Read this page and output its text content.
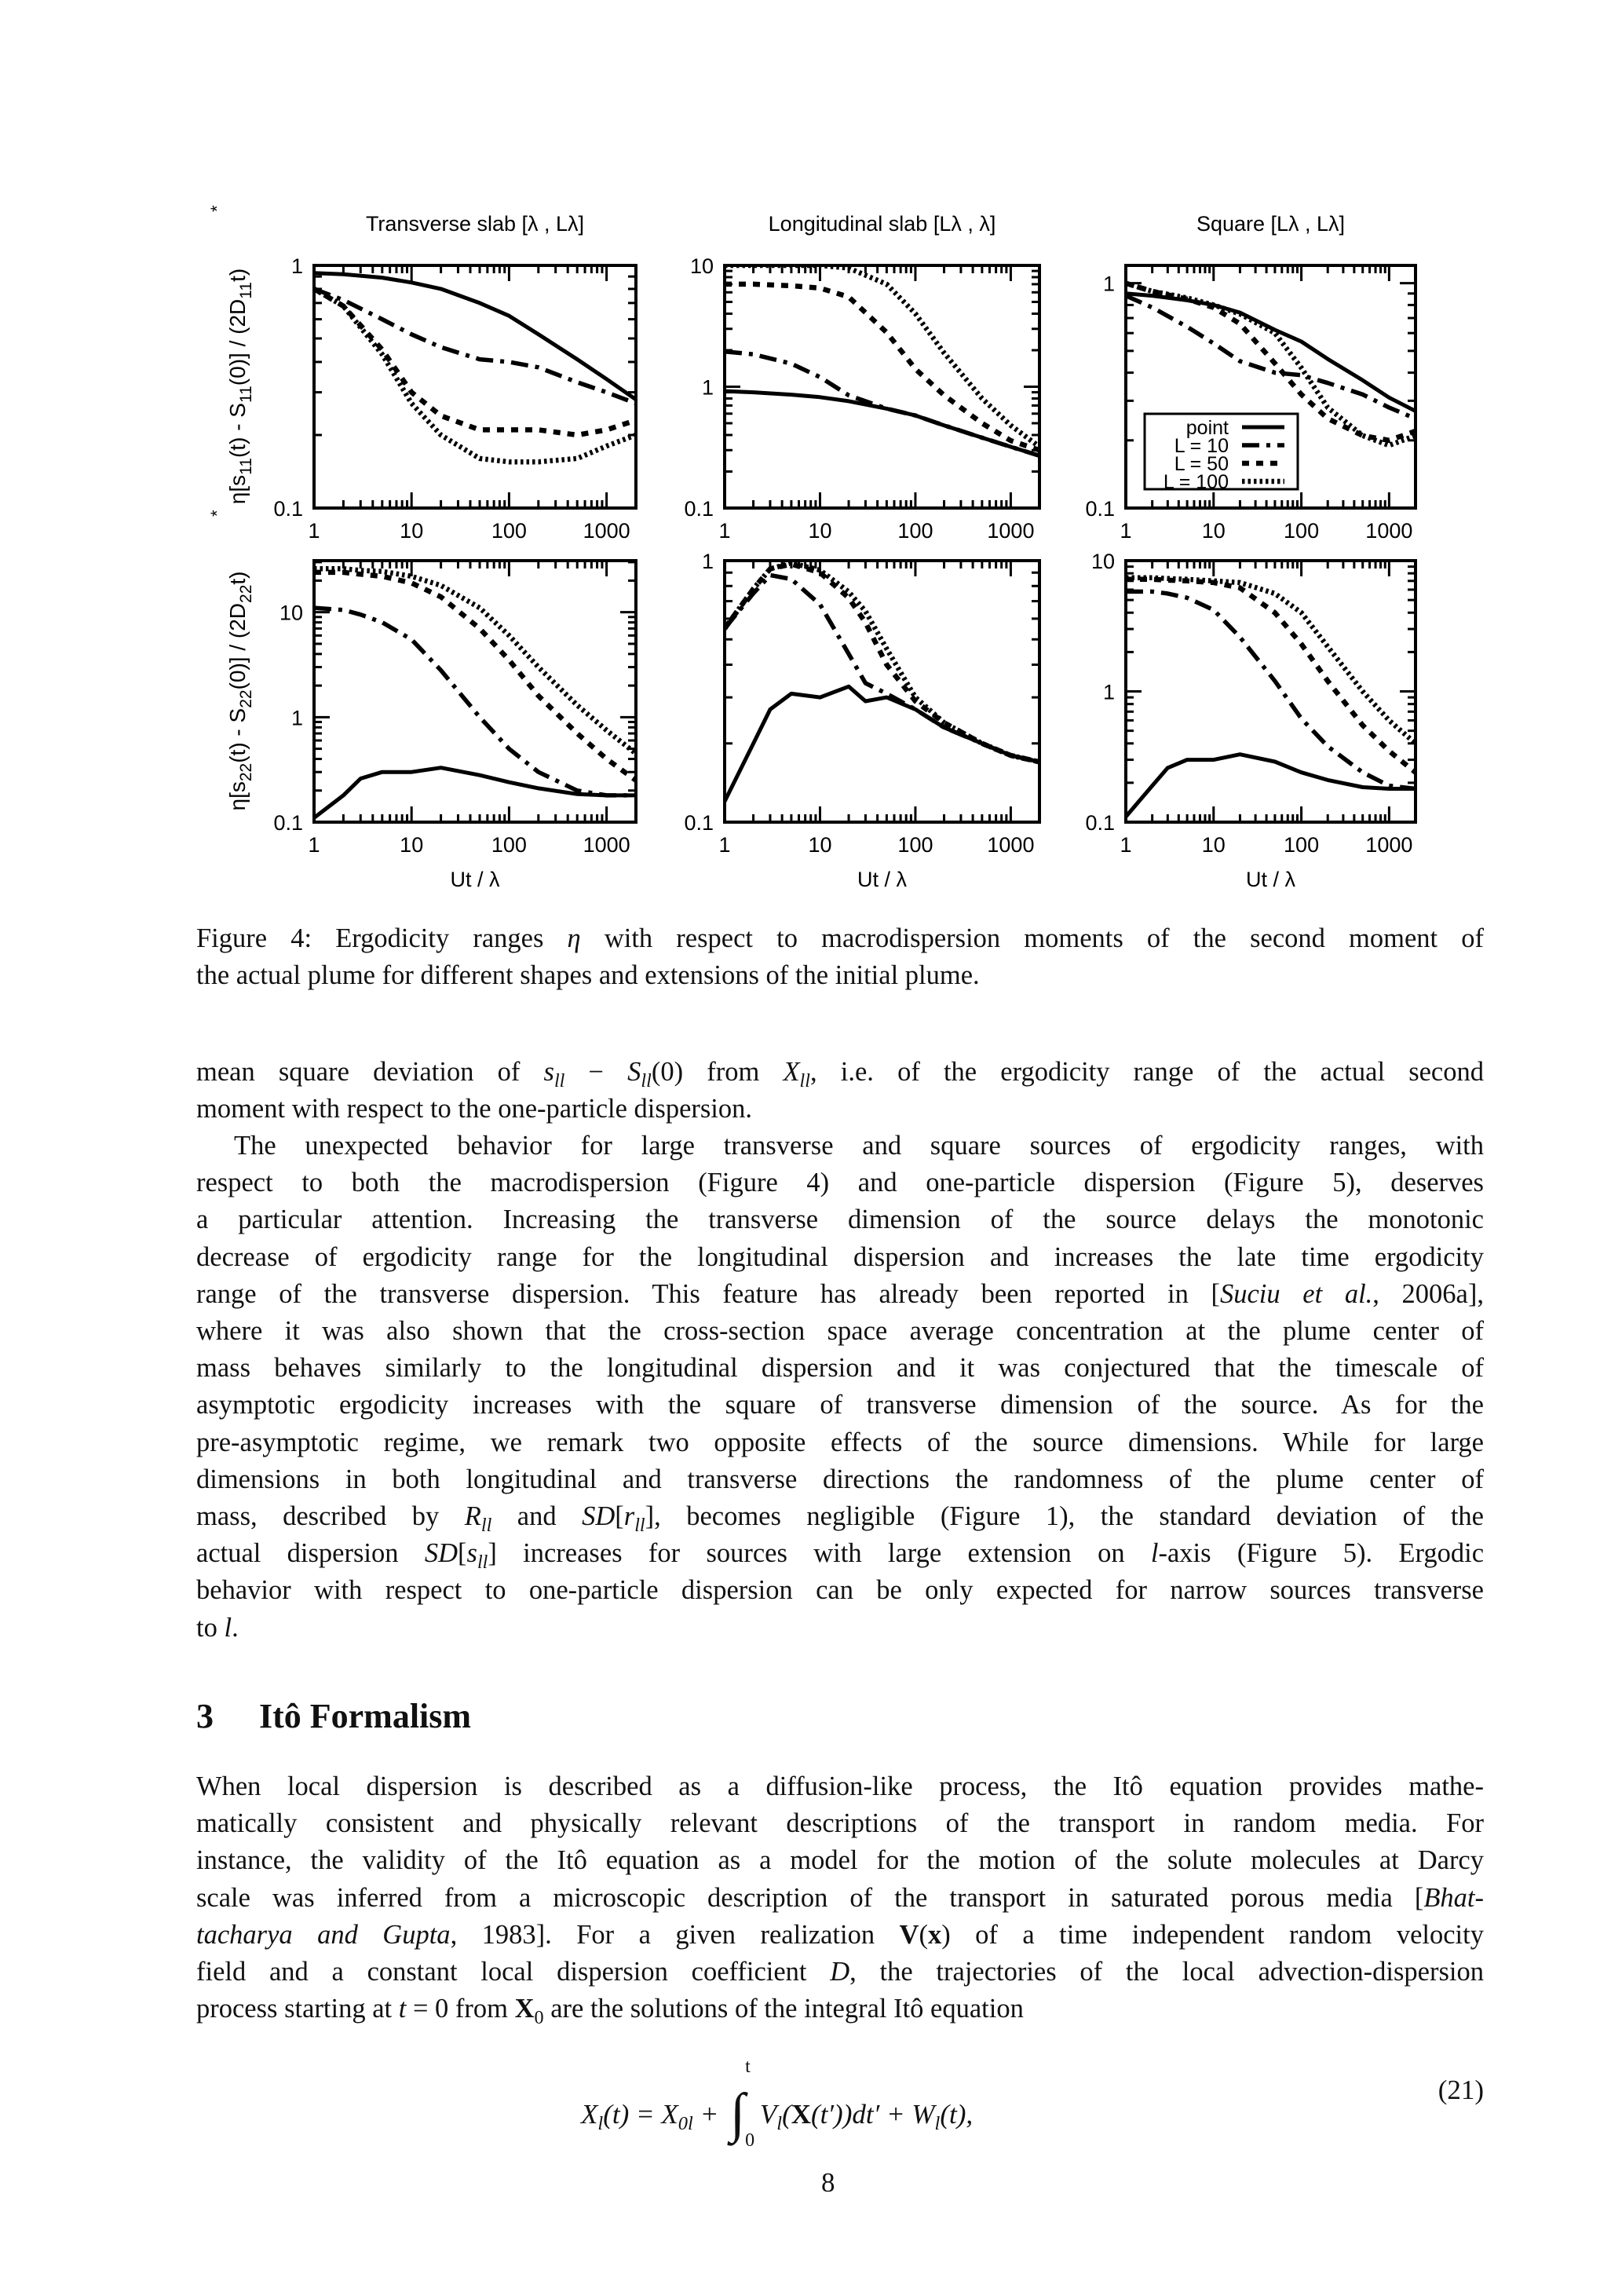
1	10	100	1000
0.1
1
Transverse slab [λ , Lλ]
1	10	100	1000
0.1
1
10
Longitudinal slab [Lλ , λ]
1	10	100 1000
0.1
1
Square [Lλ , Lλ]
1	10	100	1000
0.1
1
10
Ut / λ
1	10	100	1000
0.1
1
Ut / λ
1	10	100 1000
0.1
1
10
Ut / λ
$\eta[s_{11}(t) - S_{11}(0)] / (2D_{11}t)$
*
$\eta[s_{22}(t) - S_{22}(0)] / (2D_{22}t)$
*
point
L = 10
L = 50
L = 100
Figure 4: Ergodicity ranges η with respect to macrodispersion moments of the second moment of
the actual plume for different shapes and extensions of the initial plume.
mean square deviation of $s_{ll} - S_{ll}(0)$ from $X_{ll}$, i.e. of the ergodicity range of the actual second
moment with respect to the one-particle dispersion.
The unexpected behavior for large transverse and square sources of ergodicity ranges, with
respect to both the macrodispersion (Figure 4) and one-particle dispersion (Figure 5), deserves
a particular attention. Increasing the transverse dimension of the source delays the monotonic
decrease of ergodicity range for the longitudinal dispersion and increases the late time ergodicity
range of the transverse dispersion. This feature has already been reported in [Suciu et al., 2006a],
where it was also shown that the cross-section space average concentration at the plume center of
mass behaves similarly to the longitudinal dispersion and it was conjectured that the timescale of
asymptotic ergodicity increases with the square of transverse dimension of the source. As for the
pre-asymptotic regime, we remark two opposite effects of the source dimensions. While for large
dimensions in both longitudinal and transverse directions the randomness of the plume center of
mass, described by $R_{ll}$ and $SD[r_{ll}]$, becomes negligible (Figure 1), the standard deviation of the
actual dispersion $SD[s_{ll}]$ increases for sources with large extension on l-axis (Figure 5). Ergodic
behavior with respect to one-particle dispersion can be only expected for narrow sources transverse
to l.
3 Itô Formalism
When local dispersion is described as a diffusion-like process, the Itô equation provides mathe-
matically consistent and physically relevant descriptions of the transport in random media. For
instance, the validity of the Itô equation as a model for the motion of the solute molecules at Darcy
scale was inferred from a microscopic description of the transport in saturated porous media [Bhat-
tacharya and Gupta, 1983]. For a given realization V(x) of a time independent random velocity
field and a constant local dispersion coefficient D, the trajectories of the local advection-dispersion
process starting at t = 0 from $X_0$ are the solutions of the integral Itô equation
$X_l(t) = X_{0l}$ + ∫
t
0
$V_l(X(t'))dt' + W_l(t)$,
(21)
8
